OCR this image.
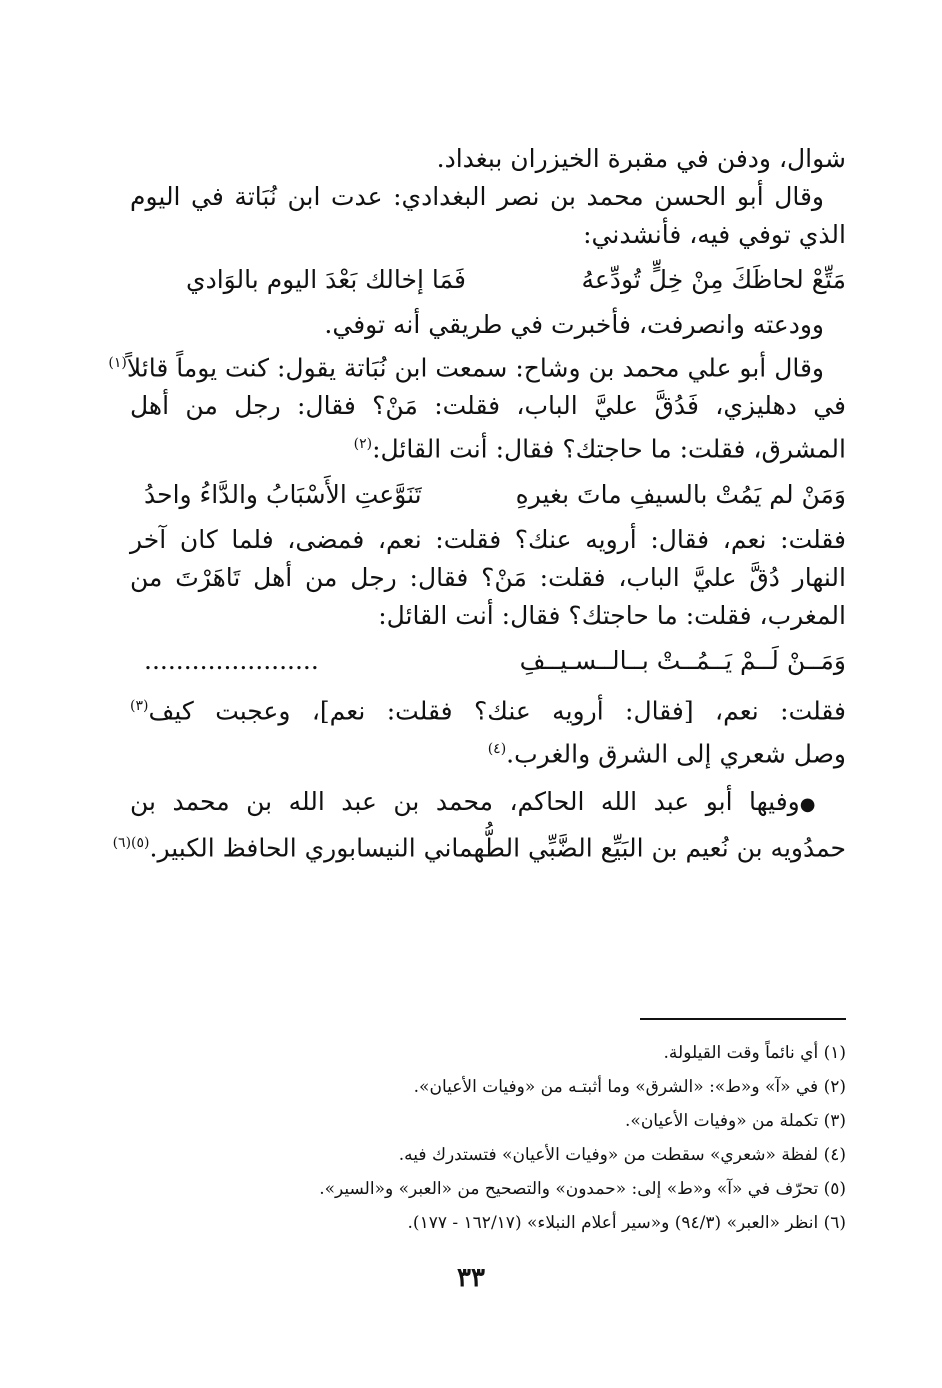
شوال، ودفن في مقبرة الخيزران ببغداد.
وقال أبو الحسن محمد بن نصر البغدادي: عدت ابن نُبَاتة في اليوم
الذي توفي فيه، فأنشدني:
مَتِّعْ لحاظَكَ مِنْ خِلٍّ تُودِّعهُ
فَمَا إخالك بَعْدَ اليوم بالوَادي
وودعته وانصرفت، فأخبرت في طريقي أنه توفي.
وقال أبو علي محمد بن وشاح: سمعت ابن نُبَاتة يقول: كنت يوماً قائلاً$^{(١)}$
في دهليزي، فَدُقَّ عليَّ الباب، فقلت: مَنْ؟ فقال: رجل من أهل
المشرق، فقلت: ما حاجتك؟ فقال: أنت القائل:$^{(٢)}$
وَمَنْ لم يَمُتْ بالسيفِ ماتَ بغيرهِ
تَنَوَّعتِ الأَسْبَابُ والدَّاءُ واحدُ
فقلت: نعم، فقال: أرويه عنك؟ فقلت: نعم، فمضى، فلما كان آخر
النهار دُقَّ عليَّ الباب، فقلت: مَنْ؟ فقال: رجل من أهل تَاهَرْتَ من
المغرب، فقلت: ما حاجتك؟ فقال: أنت القائل:
وَمَــنْ لَــمْ يَــمُــتْ بــالــسـيــفِ
......................
فقلت: نعم، [فقال: أرويه عنك؟ فقلت: نعم]، وعجبت كيف$^{(٣)}$
وصل شعري إلى الشرق والغرب.$^{(٤)}$
●وفيها أبو عبد الله الحاكم، محمد بن عبد الله بن محمد بن
حمدُويه بن نُعيم بن البَيِّع الضَّبِّي الطُّهماني النيسابوري الحافظ الكبير.$^{(٥)(٦)}$
(١) أي نائماً وقت القيلولة.
(٢) في «آ» و«ط»: «الشرق» وما أثبتـه من «وفيات الأعيان».
(٣) تكملة من «وفيات الأعيان».
(٤) لفظة «شعري» سقطت من «وفيات الأعيان» فتستدرك فيه.
(٥) تحرّف في «آ» و«ط» إلى: «حمدون» والتصحيح من «العبر» و«السير».
(٦) انظر «العبر» (٩٤/٣) و«سير أعلام النبلاء» (١٦٢/١٧ - ١٧٧).
٣٣
